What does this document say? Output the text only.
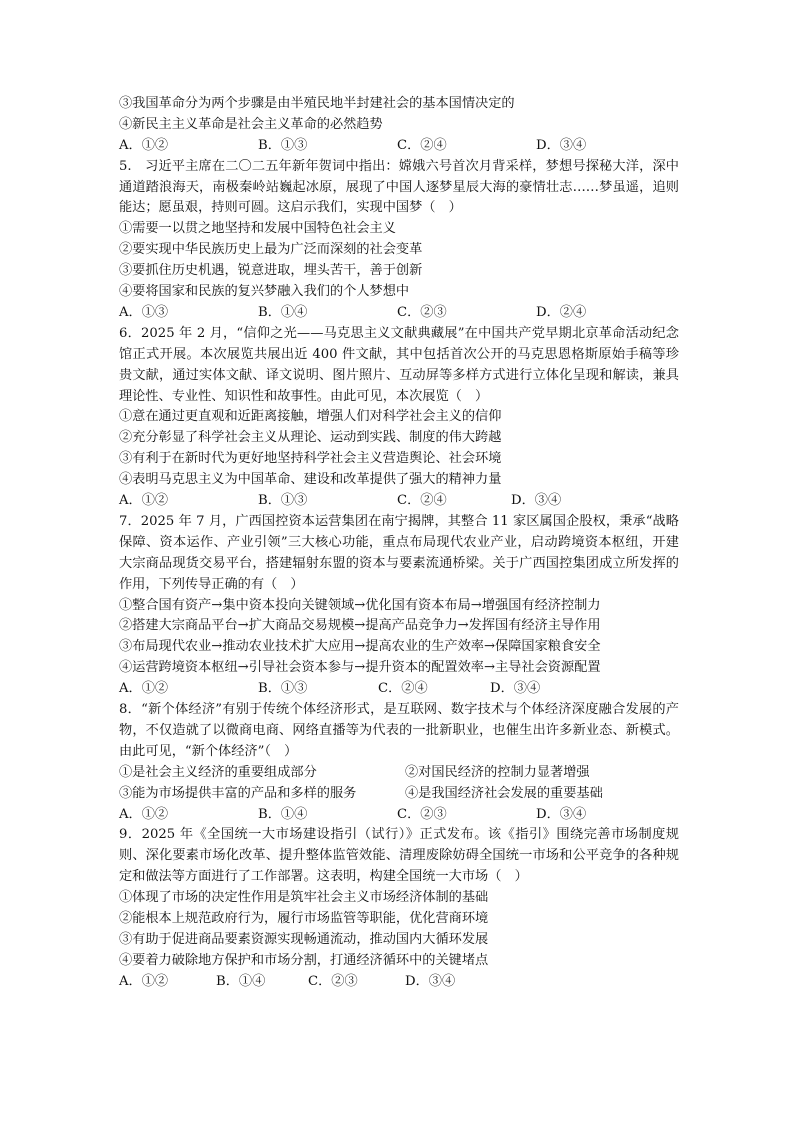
③我国革命分为两个步骤是由半殖民地半封建社会的基本国情决定的
④新民主主义革命是社会主义革命的必然趋势
A．①②	B．①③	C．②④	D．③④
5.　习近平主席在二〇二五年新年贺词中指出：嫦娥六号首次月背采样，梦想号探秘大洋，深中通道踏浪海天，南极秦岭站巍起冰原，展现了中国人逐梦星辰大海的豪情壮志……梦虽遥，追则能达；愿虽艰，持则可圆。这启示我们，实现中国梦（　）
①需要一以贯之地坚持和发展中国特色社会主义
②要实现中华民族历史上最为广泛而深刻的社会变革
③要抓住历史机遇，锐意进取，埋头苦干，善于创新
④要将国家和民族的复兴梦融入我们的个人梦想中
A．①③	B．①④	C．②③	D．②④
6．2025 年 2 月，“信仰之光——马克思主义文献典藏展”在中国共产党早期北京革命活动纪念馆正式开展。本次展览共展出近 400 件文献，其中包括首次公开的马克思恩格斯原始手稿等珍贵文献，通过实体文献、译文说明、图片照片、互动屏等多样方式进行立体化呈现和解读，兼具理论性、专业性、知识性和故事性。由此可见，本次展览（　）
①意在通过更直观和近距离接触，增强人们对科学社会主义的信仰
②充分彰显了科学社会主义从理论、运动到实践、制度的伟大跨越
③有利于在新时代为更好地坚持科学社会主义营造舆论、社会环境
④表明马克思主义为中国革命、建设和改革提供了强大的精神力量
A．①②	B．①③	C．②④	D．③④
7．2025 年 7 月，广西国控资本运营集团在南宁揭牌，其整合 11 家区属国企股权，秉承“战略保障、资本运作、产业引领”三大核心功能，重点布局现代农业产业，启动跨境资本枢纽，开建大宗商品现货交易平台，搭建辐射东盟的资本与要素流通桥梁。关于广西国控集团成立所发挥的作用，下列传导正确的有（　）
①整合国有资产→集中资本投向关键领域→优化国有资本布局→增强国有经济控制力
②搭建大宗商品平台→扩大商品交易规模→提高产品竞争力→发挥国有经济主导作用
③布局现代农业→推动农业技术扩大应用→提高农业的生产效率→保障国家粮食安全
④运营跨境资本枢纽→引导社会资本参与→提升资本的配置效率→主导社会资源配置
A．①②	B．①③	C．②④	D．③④
8．“新个体经济”有别于传统个体经济形式，是互联网、数字技术与个体经济深度融合发展的产物，不仅造就了以微商电商、网络直播等为代表的一批新职业，也催生出许多新业态、新模式。由此可见，“新个体经济”（　）
①是社会主义经济的重要组成部分	②对国民经济的控制力显著增强
③能为市场提供丰富的产品和多样的服务	④是我国经济社会发展的重要基础
A．①②	B．①④	C．②③	D．③④
9．2025 年《全国统一大市场建设指引（试行）》正式发布。该《指引》围绕完善市场制度规则、深化要素市场化改革、提升整体监管效能、清理废除妨碍全国统一市场和公平竞争的各种规定和做法等方面进行了工作部署。这表明，构建全国统一大市场（　）
①体现了市场的决定性作用是筑牢社会主义市场经济体制的基础
②能根本上规范政府行为，履行市场监管等职能，优化营商环境
③有助于促进商品要素资源实现畅通流动，推动国内大循环发展
④要着力破除地方保护和市场分割，打通经济循环中的关键堵点
A．①②	B．①④	C．②③	D．③④
